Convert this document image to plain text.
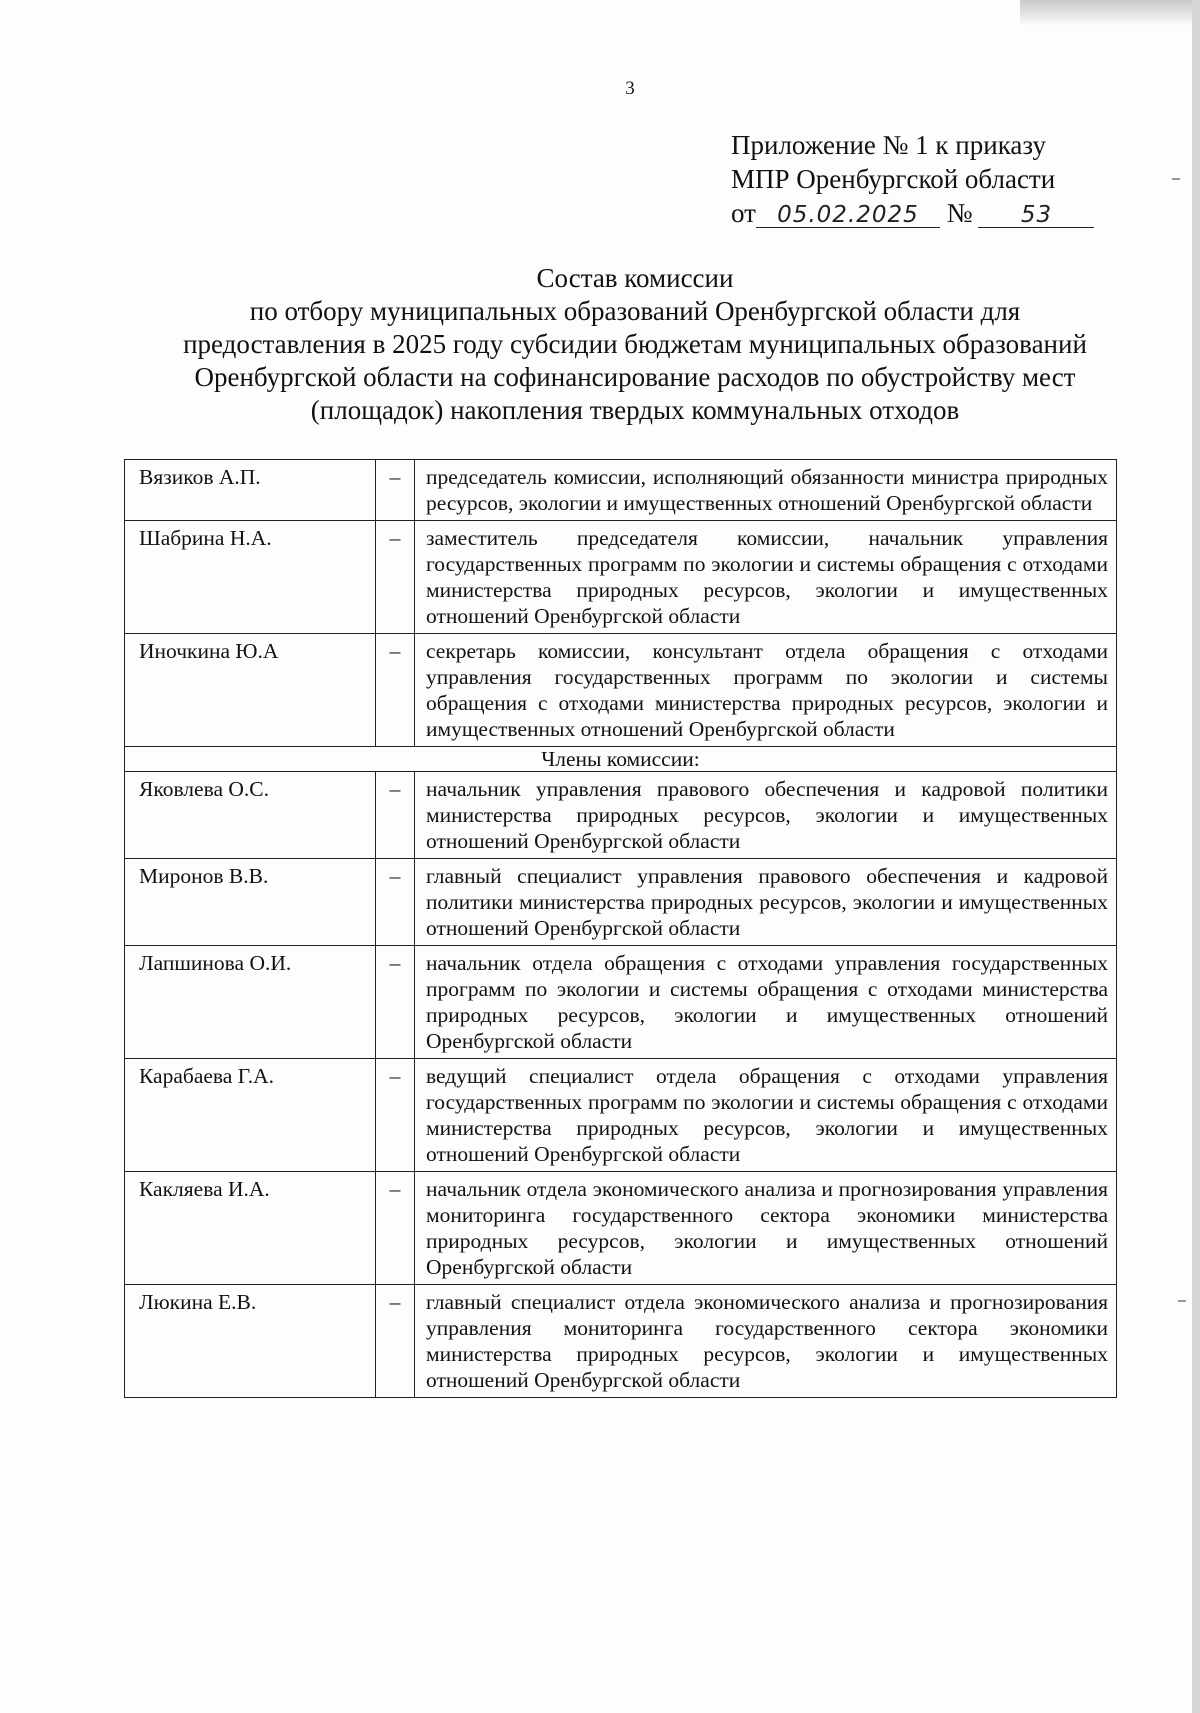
3
Приложение № 1 к приказу
МПР Оренбургской области
от 05.02.2025 № 53
Состав комиссии
по отбору муниципальных образований Оренбургской области для
предоставления в 2025 году субсидии бюджетам муниципальных образований
Оренбургской области на софинансирование расходов по обустройству мест
(площадок) накопления твердых коммунальных отходов
Вязиков А.П.	–	председатель комиссии, исполняющий обязанности министра природных ресурсов, экологии и имущественных отношений Оренбургской области
Шабрина Н.А.	–	заместитель председателя комиссии, начальник управления государственных программ по экологии и системы обращения с отходами министерства природных ресурсов, экологии и имущественных отношений Оренбургской области
Иночкина Ю.А	–	секретарь комиссии, консультант отдела обращения с отходами управления государственных программ по экологии и системы обращения с отходами министерства природных ресурсов, экологии и имущественных отношений Оренбургской области
Члены комиссии:		
Яковлева О.С.	–	начальник управления правового обеспечения и кадровой политики министерства природных ресурсов, экологии и имущественных отношений Оренбургской области
Миронов В.В.	–	главный специалист управления правового обеспечения и кадровой политики министерства природных ресурсов, экологии и имущественных отношений Оренбургской области
Лапшинова О.И.	–	начальник отдела обращения с отходами управления государственных программ по экологии и системы обращения с отходами министерства природных ресурсов, экологии и имущественных отношений Оренбургской области
Карабаева Г.А.	–	ведущий специалист отдела обращения с отходами управления государственных программ по экологии и системы обращения с отходами министерства природных ресурсов, экологии и имущественных отношений Оренбургской области
Какляева И.А.	–	начальник отдела экономического анализа и прогнозирования управления мониторинга государственного сектора экономики министерства природных ресурсов, экологии и имущественных отношений Оренбургской области
Люкина Е.В.	–	главный специалист отдела экономического анализа и прогнозирования управления мониторинга государственного сектора экономики министерства природных ресурсов, экологии и имущественных отношений Оренбургской области
